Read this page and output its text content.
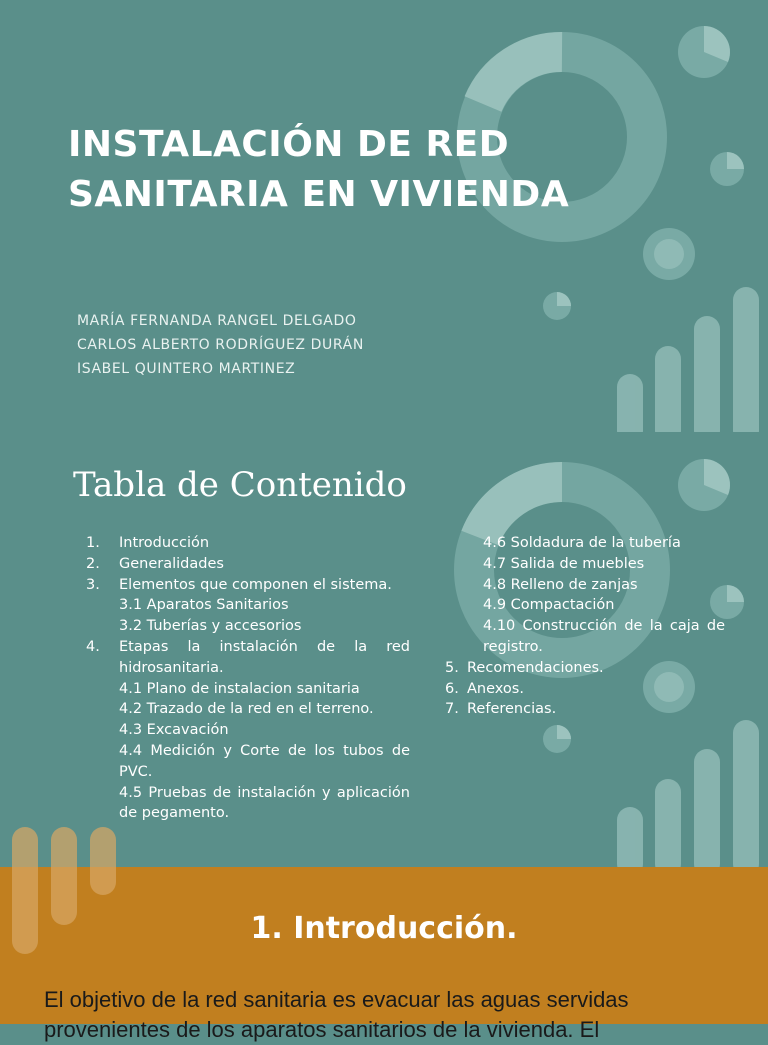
INSTALACIÓN DE RED
SANITARIA EN VIVIENDA
MARÍA FERNANDA RANGEL DELGADO
CARLOS ALBERTO RODRÍGUEZ DURÁN
ISABEL QUINTERO MARTINEZ
Tabla de Contenido
1.	Introducción
2.	Generalidades
3.	Elementos que componen el sistema.
3.1 Aparatos Sanitarios
3.2 Tuberías y accesorios
4.	Etapas la instalación de la red hidrosanitaria.
4.1 Plano de instalacion sanitaria
4.2 Trazado de la red en el terreno.
4.3 Excavación
4.4 Medición y Corte de los tubos de PVC.
4.5 Pruebas de instalación y aplicación de pegamento.
4.6 Soldadura de la tubería
4.7 Salida de muebles
4.8 Relleno de zanjas
4.9 Compactación
4.10 Construcción de la caja de registro.
5. Recomendaciones.
6. Anexos.
7. Referencias.
1. Introducción.
El objetivo de la red sanitaria es evacuar las aguas servidas
provenientes de los aparatos sanitarios de la vivienda. El
